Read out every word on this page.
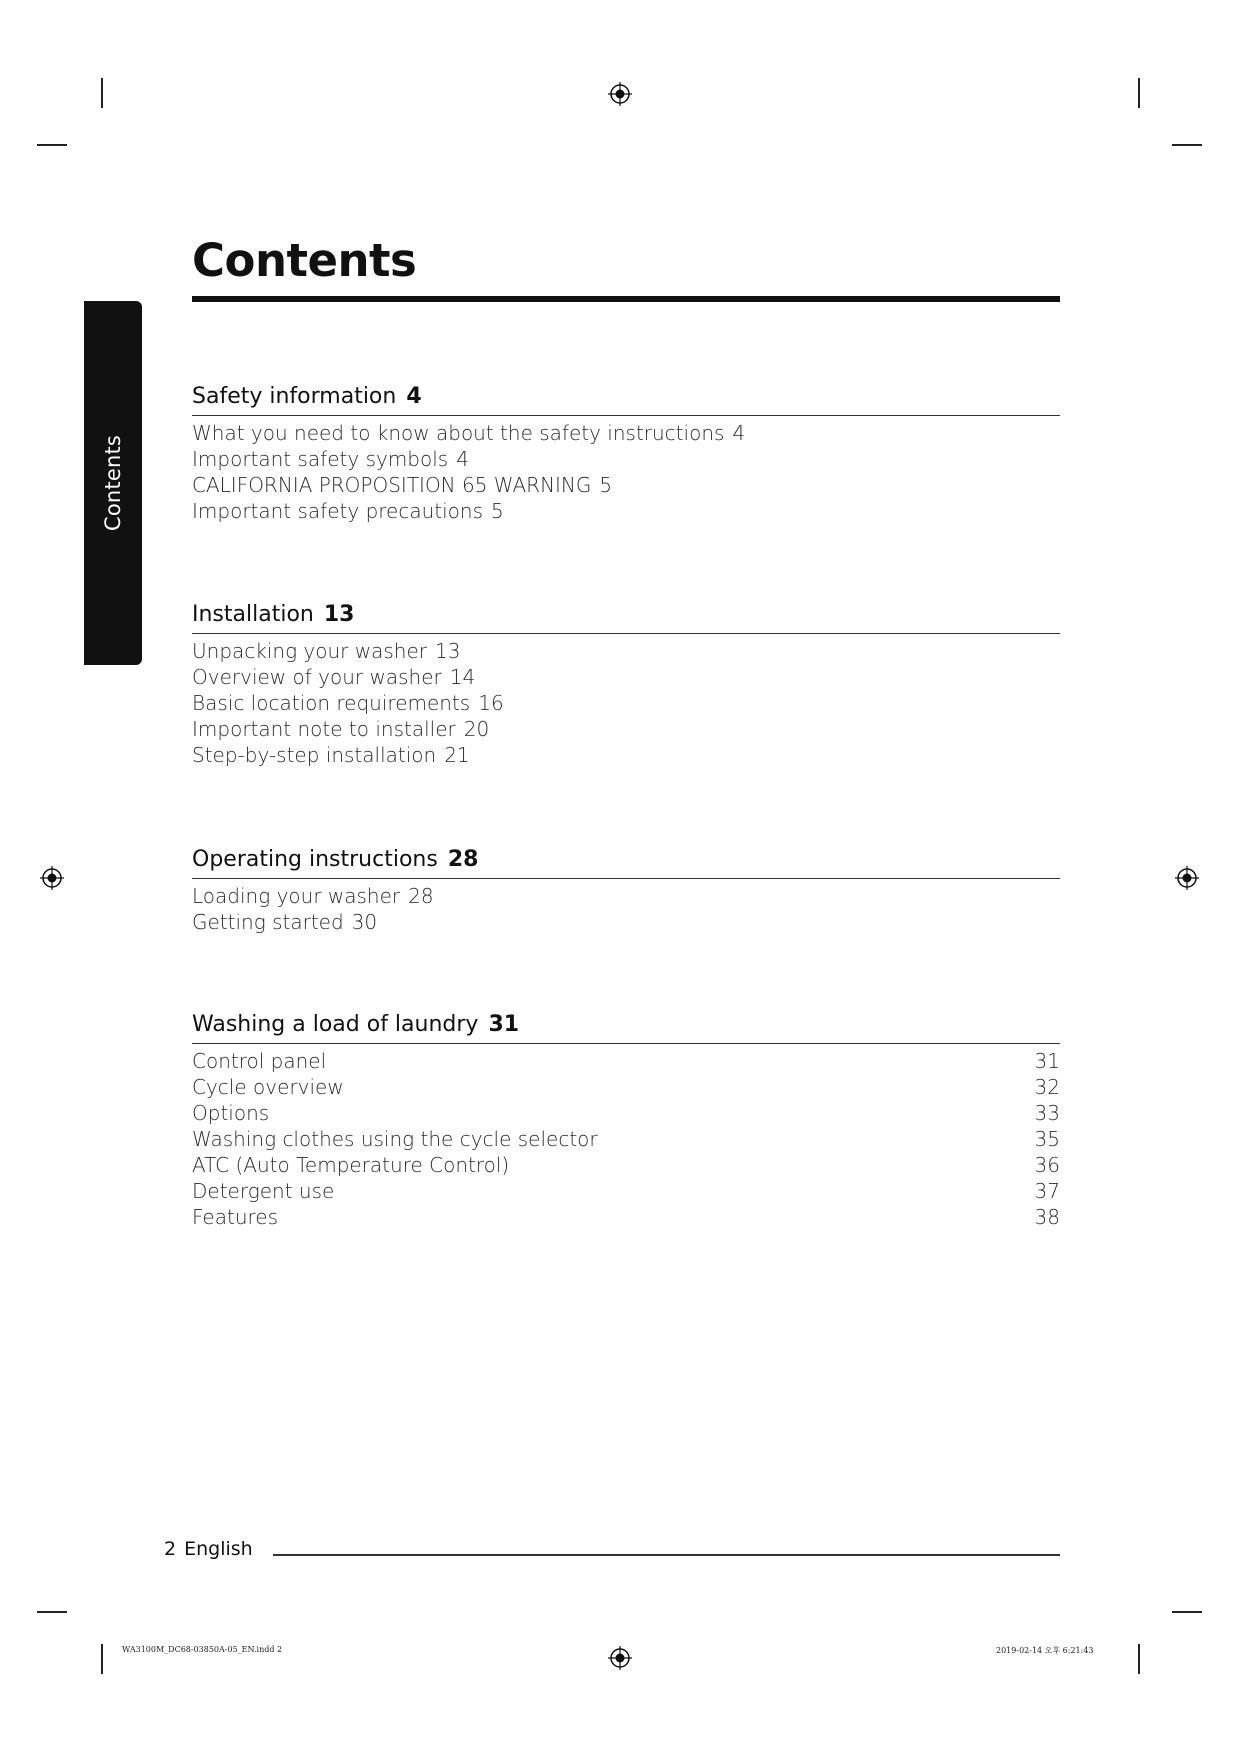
Contents
Contents
Safety information 4
What you need to know about the safety instructions 4
Important safety symbols 4
CALIFORNIA PROPOSITION 65 WARNING 5
Important safety precautions 5
Installation 13
Unpacking your washer 13
Overview of your washer 14
Basic location requirements 16
Important note to installer 20
Step-by-step installation 21
Operating instructions 28
Loading your washer 28
Getting started 30
Washing a load of laundry 31
Control panel	31
Cycle overview	32
Options	33
Washing clothes using the cycle selector	35
ATC (Auto Temperature Control)	36
Detergent use	37
Features	38
2 English
WA3100M_DC68-03850A-05_EN.indd 2	2019-02-14 오후 6:21:43
